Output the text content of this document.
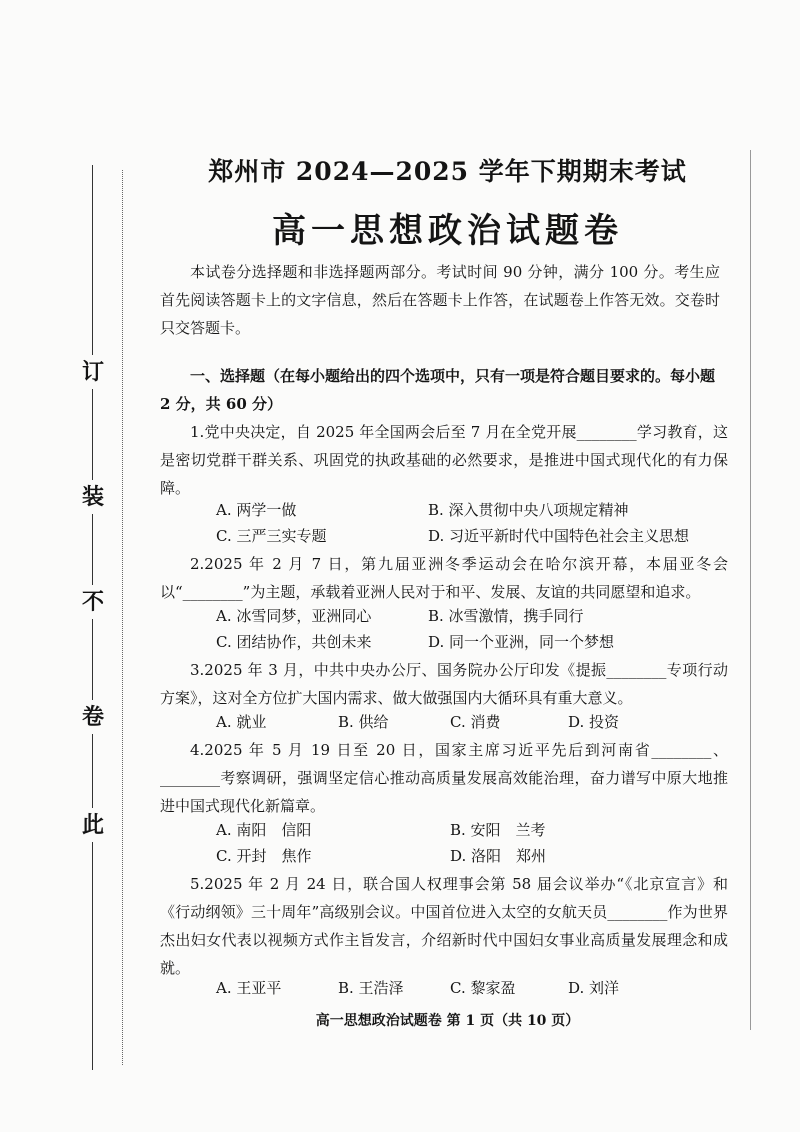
订
装
不
卷
此
郑州市 2024—2025 学年下期期末考试
高一思想政治试题卷
本试卷分选择题和非选择题两部分。考试时间 90 分钟，满分 100 分。考生应首先阅读答题卡上的文字信息，然后在答题卡上作答，在试题卷上作答无效。交卷时只交答题卡。
一、选择题（在每小题给出的四个选项中，只有一项是符合题目要求的。每小题 2 分，共 60 分）
1.党中央决定，自 2025 年全国两会后至 7 月在全党开展________学习教育，这是密切党群干群关系、巩固党的执政基础的必然要求，是推进中国式现代化的有力保障。
A. 两学一做	B. 深入贯彻中央八项规定精神
C. 三严三实专题	D. 习近平新时代中国特色社会主义思想
2.2025 年 2 月 7 日，第九届亚洲冬季运动会在哈尔滨开幕，本届亚冬会以“________”为主题，承载着亚洲人民对于和平、发展、友谊的共同愿望和追求。
A. 冰雪同梦，亚洲同心	B. 冰雪激情，携手同行
C. 团结协作，共创未来	D. 同一个亚洲，同一个梦想
3.2025 年 3 月，中共中央办公厅、国务院办公厅印发《提振________专项行动方案》，这对全方位扩大国内需求、做大做强国内大循环具有重大意义。
A. 就业	B. 供给	C. 消费	D. 投资
4.2025 年 5 月 19 日至 20 日，国家主席习近平先后到河南省________、________考察调研，强调坚定信心推动高质量发展高效能治理，奋力谱写中原大地推进中国式现代化新篇章。
A. 南阳　信阳	B. 安阳　兰考
C. 开封　焦作	D. 洛阳　郑州
5.2025 年 2 月 24 日，联合国人权理事会第 58 届会议举办“《北京宣言》和《行动纲领》三十周年”高级别会议。中国首位进入太空的女航天员________作为世界杰出妇女代表以视频方式作主旨发言，介绍新时代中国妇女事业高质量发展理念和成就。
A. 王亚平	B. 王浩泽	C. 黎家盈	D. 刘洋
高一思想政治试题卷 第 1 页（共 10 页）
